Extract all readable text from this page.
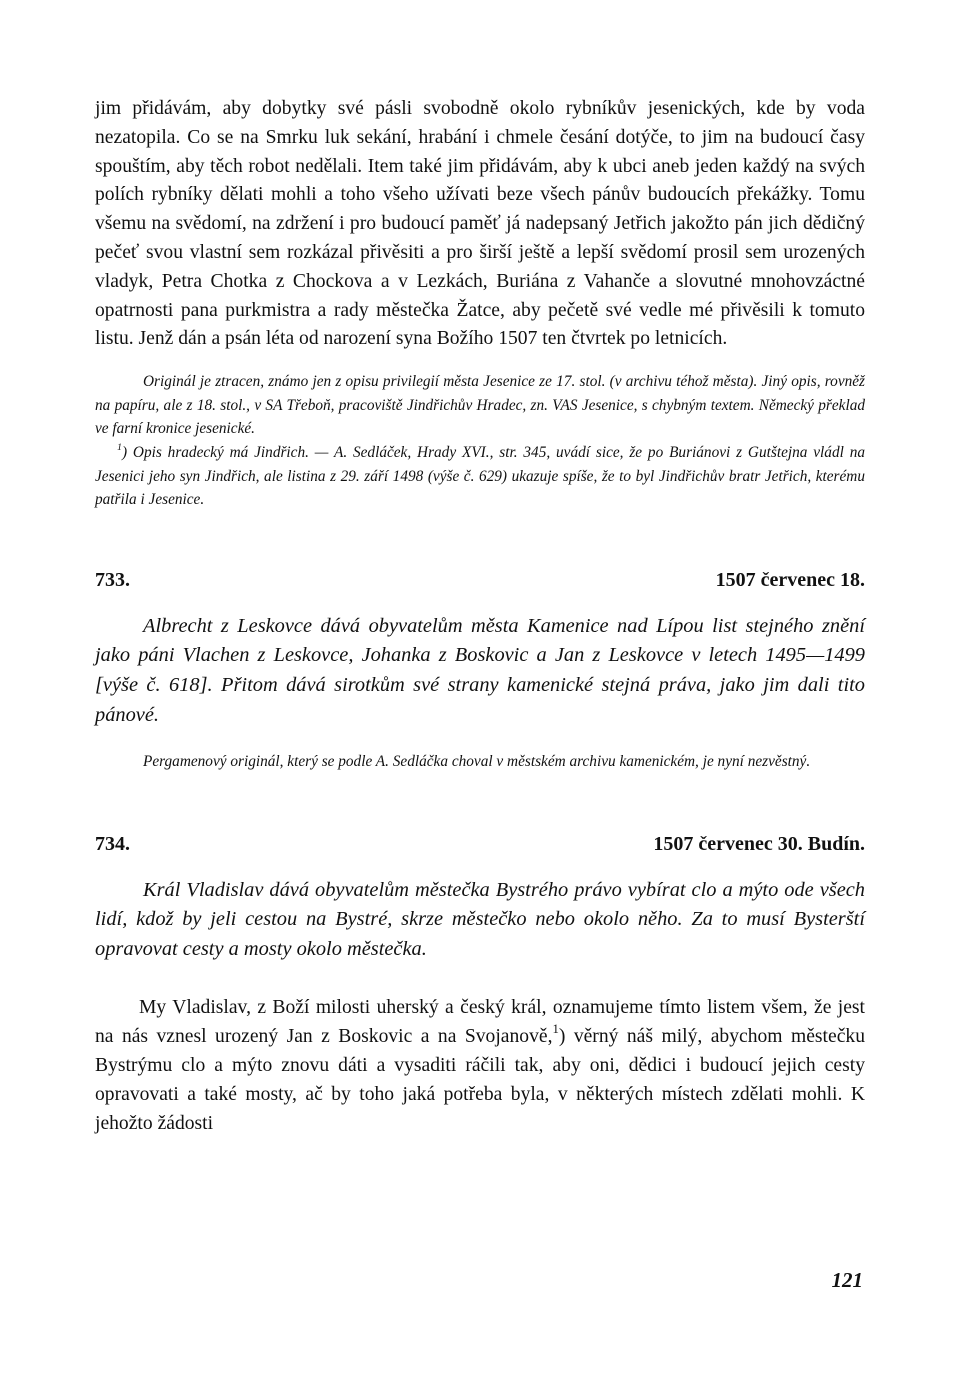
jim přidávám, aby dobytky své pásli svobodně okolo rybníkův jesenických, kde by voda nezatopila. Co se na Smrku luk sekání, hrabání i chmele česání dotýče, to jim na budoucí časy spouštím, aby těch robot nedělali. Item také jim přidávám, aby k ubci aneb jeden každý na svých polích rybníky dělati mohli a toho všeho užívati beze všech pánův budoucích překážky. Tomu všemu na svědomí, na zdržení i pro budoucí paměť já nadepsaný Jetřich jakožto pán jich dědičný pečeť svou vlastní sem rozkázal přivěsiti a pro širší ještě a lepší svědomí prosil sem urozených vladyk, Petra Chotka z Chockova a v Lezkách, Buriána z Vahanče a slovutné mnohovzáctné opatrnosti pana purkmistra a rady městečka Žatce, aby pečetě své vedle mé přivěsili k tomuto listu. Jenž dán a psán léta od narození syna Božího 1507 ten čtvrtek po letnicích.

Originál je ztracen, známo jen z opisu privilegií města Jesenice ze 17. stol. (v archivu téhož města). Jiný opis, rovněž na papíru, ale z 18. stol., v SA Třeboň, pracoviště Jindřichův Hradec, zn. VAS Jesenice, s chybným textem. Německý překlad ve farní kronice jesenické.

$^1$) Opis hradecký má Jindřich. — A. Sedláček, Hrady XVI., str. 345, uvádí sice, že po Buriánovi z Gutštejna vládl na Jesenici jeho syn Jindřich, ale listina z 29. září 1498 (výše č. 629) ukazuje spíše, že to byl Jindřichův bratr Jetřich, kterému patřila i Jesenice.

733.	1507 červenec 18.

Albrecht z Leskovce dává obyvatelům města Kamenice nad Lípou list stejného znění jako páni Vlachen z Leskovce, Johanka z Boskovic a Jan z Leskovce v letech 1495—1499 [výše č. 618]. Přitom dává sirotkům své strany kamenické stejná práva, jako jim dali tito pánové.

Pergamenový originál, který se podle A. Sedláčka choval v městském archivu kamenickém, je nyní nezvěstný.

734.	1507 červenec 30. Budín.

Král Vladislav dává obyvatelům městečka Bystrého právo vybírat clo a mýto ode všech lidí, kdož by jeli cestou na Bystré, skrze městečko nebo okolo něho. Za to musí Bysterští opravovat cesty a mosty okolo městečka.

My Vladislav, z Boží milosti uherský a český král, oznamujeme tímto listem všem, že jest na nás vznesl urozený Jan z Boskovic a na Svojanově,$^1$) věrný náš milý, abychom městečku Bystrýmu clo a mýto znovu dáti a vysaditi ráčili tak, aby oni, dědici i budoucí jejich cesty opravovati a také mosty, ač by toho jaká potřeba byla, v některých místech zdělati mohli. K jehožto žádosti

121
